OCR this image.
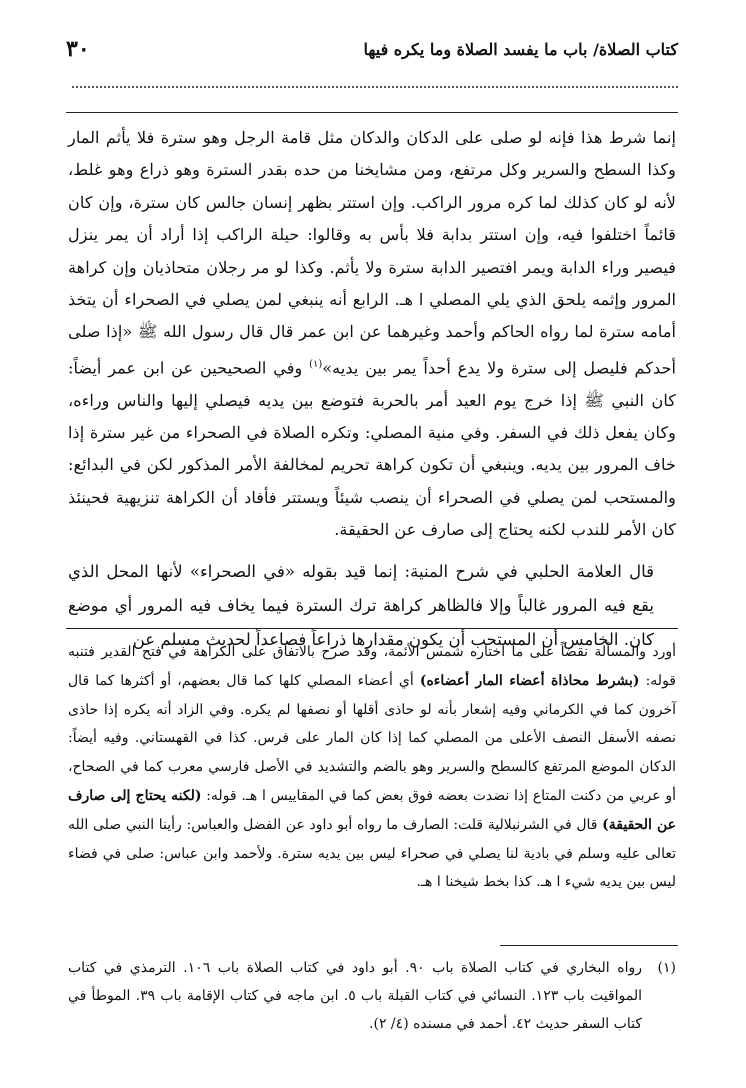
كتاب الصلاة/ باب ما يفسد الصلاة وما يكره فيها
٣٠

إنما شرط هذا فإنه لو صلى على الدكان والدكان مثل قامة الرجل وهو سترة فلا يأثم المار وكذا السطح والسرير وكل مرتفع، ومن مشايخنا من حده بقدر السترة وهو ذراع وهو غلط، لأنه لو كان كذلك لما كره مرور الراكب. وإن استتر بظهر إنسان جالس كان سترة، وإن كان قائماً اختلفوا فيه، وإن استتر بدابة فلا بأس به وقالوا: حيلة الراكب إذا أراد أن يمر ينزل فيصير وراء الدابة ويمر افتصير الدابة سترة ولا يأثم. وكذا لو مر رجلان متحاذيان وإن كراهة المرور وإثمه يلحق الذي يلي المصلي ا هـ. الرابع أنه ينبغي لمن يصلي في الصحراء أن يتخذ أمامه سترة لما رواه الحاكم وأحمد وغيرهما عن ابن عمر قال قال رسول الله ﷺ «إذا صلى أحدكم فليصل إلى سترة ولا يدع أحداً يمر بين يديه»$^{(١)}$ وفي الصحيحين عن ابن عمر أيضاً: كان النبي ﷺ إذا خرج يوم العيد أمر بالحربة فتوضع بين يديه فيصلي إليها والناس وراءه، وكان يفعل ذلك في السفر. وفي منية المصلي: وتكره الصلاة في الصحراء من غير سترة إذا خاف المرور بين يديه. وينبغي أن تكون كراهة تحريم لمخالفة الأمر المذكور لكن في البدائع: والمستحب لمن يصلي في الصحراء أن ينصب شيئاً ويستتر فأفاد أن الكراهة تنزيهية فحينئذ كان الأمر للندب لكنه يحتاج إلى صارف عن الحقيقة.

قال العلامة الحلبي في شرح المنية: إنما قيد بقوله «في الصحراء» لأنها المحل الذي يقع فيه المرور غالباً وإلا فالظاهر كراهة ترك السترة فيما يخاف فيه المرور أي موضع كان. الخامس أن المستحب أن يكون مقدارها ذراعاً فصاعداً لحديث مسلم عن

أورد والمسألة نقضاً على ما اختاره شمس الأئمة، وقد صرح بالاتفاق على الكراهة في فتح القدير فتنبه قوله: (بشرط محاذاة أعضاء المار أعضاءه) أي أعضاء المصلي كلها كما قال بعضهم، أو أكثرها كما قال آخرون كما في الكرماني وفيه إشعار بأنه لو حاذى أقلها أو نصفها لم يكره. وفي الزاد أنه يكره إذا حاذى نصفه الأسفل النصف الأعلى من المصلي كما إذا كان المار على فرس. كذا في القهستاني. وفيه أيضاً: الدكان الموضع المرتفع كالسطح والسرير وهو بالضم والتشديد في الأصل فارسي معرب كما في الصحاح، أو عربي من دكنت المتاع إذا نضدت بعضه فوق بعض كما في المقاييس ا هـ. قوله: (لكنه يحتاج إلى صارف عن الحقيقة) قال في الشرنبلالية قلت: الصارف ما رواه أبو داود عن الفضل والعباس: رأينا النبي صلى الله تعالى عليه وسلم في بادية لنا يصلي في صحراء ليس بين يديه سترة. ولأحمد وابن عباس: صلى في فضاء ليس بين يديه شيء ا هـ. كذا بخط شيخنا ا هـ.

(١)
رواه البخاري في كتاب الصلاة باب ٩٠. أبو داود في كتاب الصلاة باب ١٠٦. الترمذي في كتاب المواقيت باب ١٢٣. النسائي في كتاب القبلة باب ٥. ابن ماجه في كتاب الإقامة باب ٣٩. الموطأ في كتاب السفر حديث ٤٢. أحمد في مسنده (٤/ ٢).
